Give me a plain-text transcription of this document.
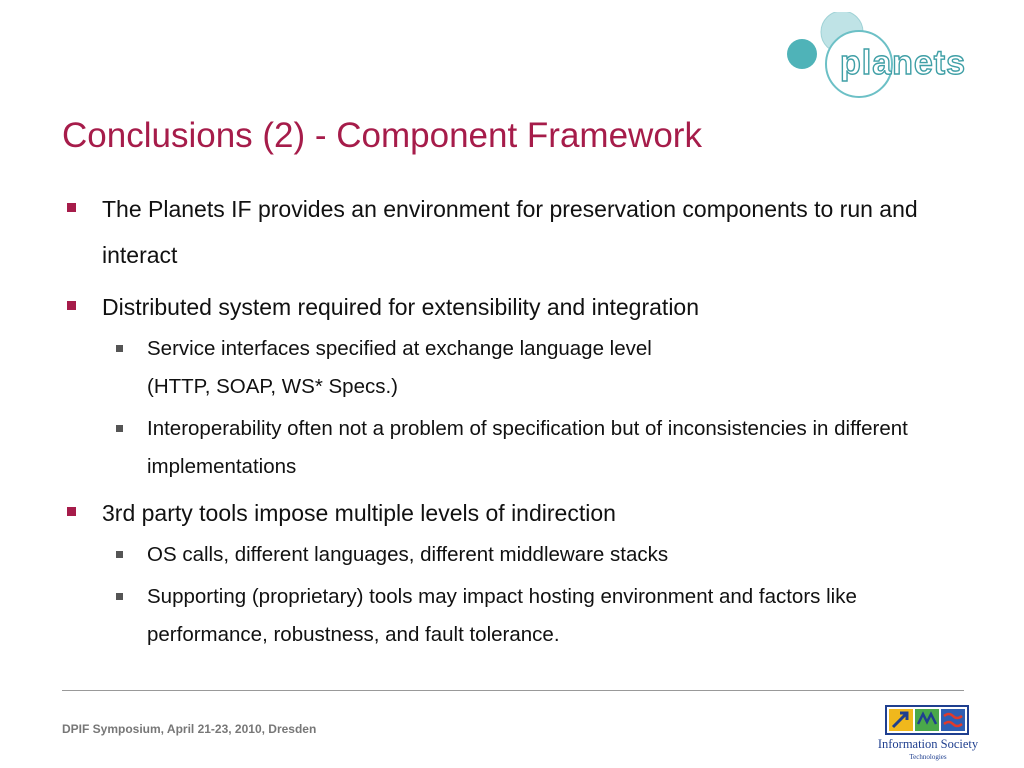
planets
Conclusions (2) - Component Framework
The Planets IF provides an environment for preservation components to run and interact
Distributed system required for extensibility and integration
Service interfaces specified at exchange language level
(HTTP, SOAP, WS* Specs.)
Interoperability often not a problem of specification but of inconsistencies in different implementations
3rd party tools impose multiple levels of indirection
OS calls, different languages, different middleware stacks
Supporting (proprietary) tools may impact hosting environment and factors like performance, robustness, and fault tolerance.
DPIF Symposium, April 21-23, 2010, Dresden
Information Society
Technologies
